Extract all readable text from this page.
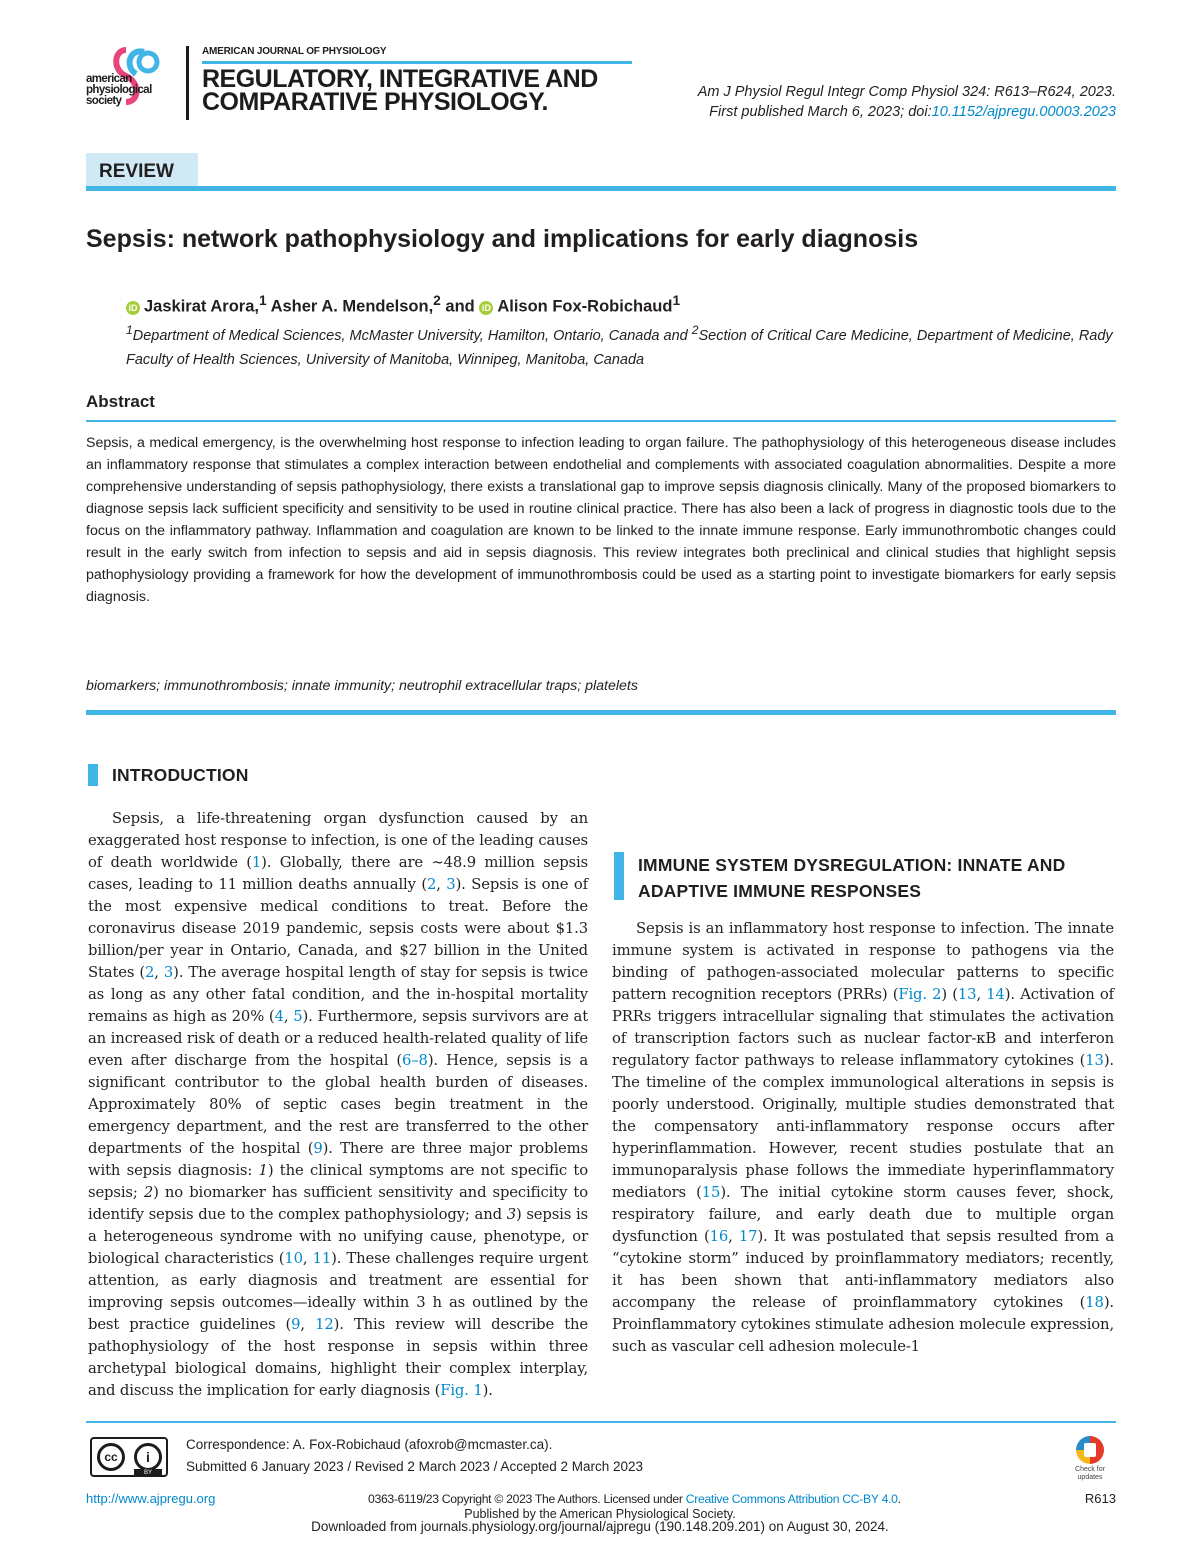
american physiological society
AMERICAN JOURNAL OF PHYSIOLOGY
REGULATORY, INTEGRATIVE AND COMPARATIVE PHYSIOLOGY.	Am J Physiol Regul Integr Comp Physiol 324: R613–R624, 2023.
First published March 6, 2023; doi:10.1152/ajpregu.00003.2023
REVIEW
Sepsis: network pathophysiology and implications for early diagnosis
iD Jaskirat Arora,$^1$ Asher A. Mendelson,$^2$ and iD Alison Fox-Robichaud$^1$
$^1$Department of Medical Sciences, McMaster University, Hamilton, Ontario, Canada and $^2$Section of Critical Care Medicine, Department of Medicine, Rady Faculty of Health Sciences, University of Manitoba, Winnipeg, Manitoba, Canada
Abstract

Sepsis, a medical emergency, is the overwhelming host response to infection leading to organ failure. The pathophysiology of this heterogeneous disease includes an inflammatory response that stimulates a complex interaction between endothelial and complements with associated coagulation abnormalities. Despite a more comprehensive understanding of sepsis pathophysiology, there exists a translational gap to improve sepsis diagnosis clinically. Many of the proposed biomarkers to diagnose sepsis lack sufficient specificity and sensitivity to be used in routine clinical practice. There has also been a lack of progress in diagnostic tools due to the focus on the inflammatory pathway. Inflammation and coagulation are known to be linked to the innate immune response. Early immunothrombotic changes could result in the early switch from infection to sepsis and aid in sepsis diagnosis. This review integrates both preclinical and clinical studies that highlight sepsis pathophysiology providing a framework for how the development of immunothrombosis could be used as a starting point to investigate biomarkers for early sepsis diagnosis.

biomarkers; immunothrombosis; innate immunity; neutrophil extracellular traps; platelets

INTRODUCTION

Sepsis, a life-threatening organ dysfunction caused by an exaggerated host response to infection, is one of the leading causes of death worldwide (1). Globally, there are ∼48.9 million sepsis cases, leading to 11 million deaths annually (2, 3). Sepsis is one of the most expensive medical conditions to treat. Before the coronavirus disease 2019 pandemic, sepsis costs were about $1.3 billion/per year in Ontario, Canada, and $27 billion in the United States (2, 3). The average hospital length of stay for sepsis is twice as long as any other fatal condition, and the in-hospital mortality remains as high as 20% (4, 5). Furthermore, sepsis survivors are at an increased risk of death or a reduced health-related quality of life even after discharge from the hospital (6–8). Hence, sepsis is a significant contributor to the global health burden of diseases. Approximately 80% of septic cases begin treatment in the emergency department, and the rest are transferred to the other departments of the hospital (9). There are three major problems with sepsis diagnosis: 1) the clinical symptoms are not specific to sepsis; 2) no biomarker has sufficient sensitivity and specificity to identify sepsis due to the complex pathophysiology; and 3) sepsis is a heterogeneous syndrome with no unifying cause, phenotype, or biological characteristics (10, 11). These challenges require urgent attention, as early diagnosis and treatment are essential for improving sepsis outcomes—ideally within 3 h as outlined by the best practice guidelines (9, 12). This review will describe the pathophysiology of the host response in sepsis within three archetypal biological domains, highlight their complex interplay, and discuss the implication for early diagnosis (Fig. 1).

IMMUNE SYSTEM DYSREGULATION: INNATE AND ADAPTIVE IMMUNE RESPONSES

Sepsis is an inflammatory host response to infection. The innate immune system is activated in response to pathogens via the binding of pathogen-associated molecular patterns to specific pattern recognition receptors (PRRs) (Fig. 2) (13, 14). Activation of PRRs triggers intracellular signaling that stimulates the activation of transcription factors such as nuclear factor-κB and interferon regulatory factor pathways to release inflammatory cytokines (13). The timeline of the complex immunological alterations in sepsis is poorly understood. Originally, multiple studies demonstrated that the compensatory anti-inflammatory response occurs after hyperinflammation. However, recent studies postulate that an immunoparalysis phase follows the immediate hyperinflammatory mediators (15). The initial cytokine storm causes fever, shock, respiratory failure, and early death due to multiple organ dysfunction (16, 17). It was postulated that sepsis resulted from a “cytokine storm” induced by proinflammatory mediators; recently, it has been shown that anti-inflammatory mediators also accompany the release of proinflammatory cytokines (18). Proinflammatory cytokines stimulate adhesion molecule expression, such as vascular cell adhesion molecule-1

cc	i
BY
Correspondence: A. Fox-Robichaud (afoxrob@mcmaster.ca).
Submitted 6 January 2023 / Revised 2 March 2023 / Accepted 2 March 2023	Check for updates
http://www.ajpregu.org	0363-6119/23 Copyright © 2023 The Authors. Licensed under Creative Commons Attribution CC-BY 4.0.	R613
Published by the American Physiological Society.
Downloaded from journals.physiology.org/journal/ajpregu (190.148.209.201) on August 30, 2024.
